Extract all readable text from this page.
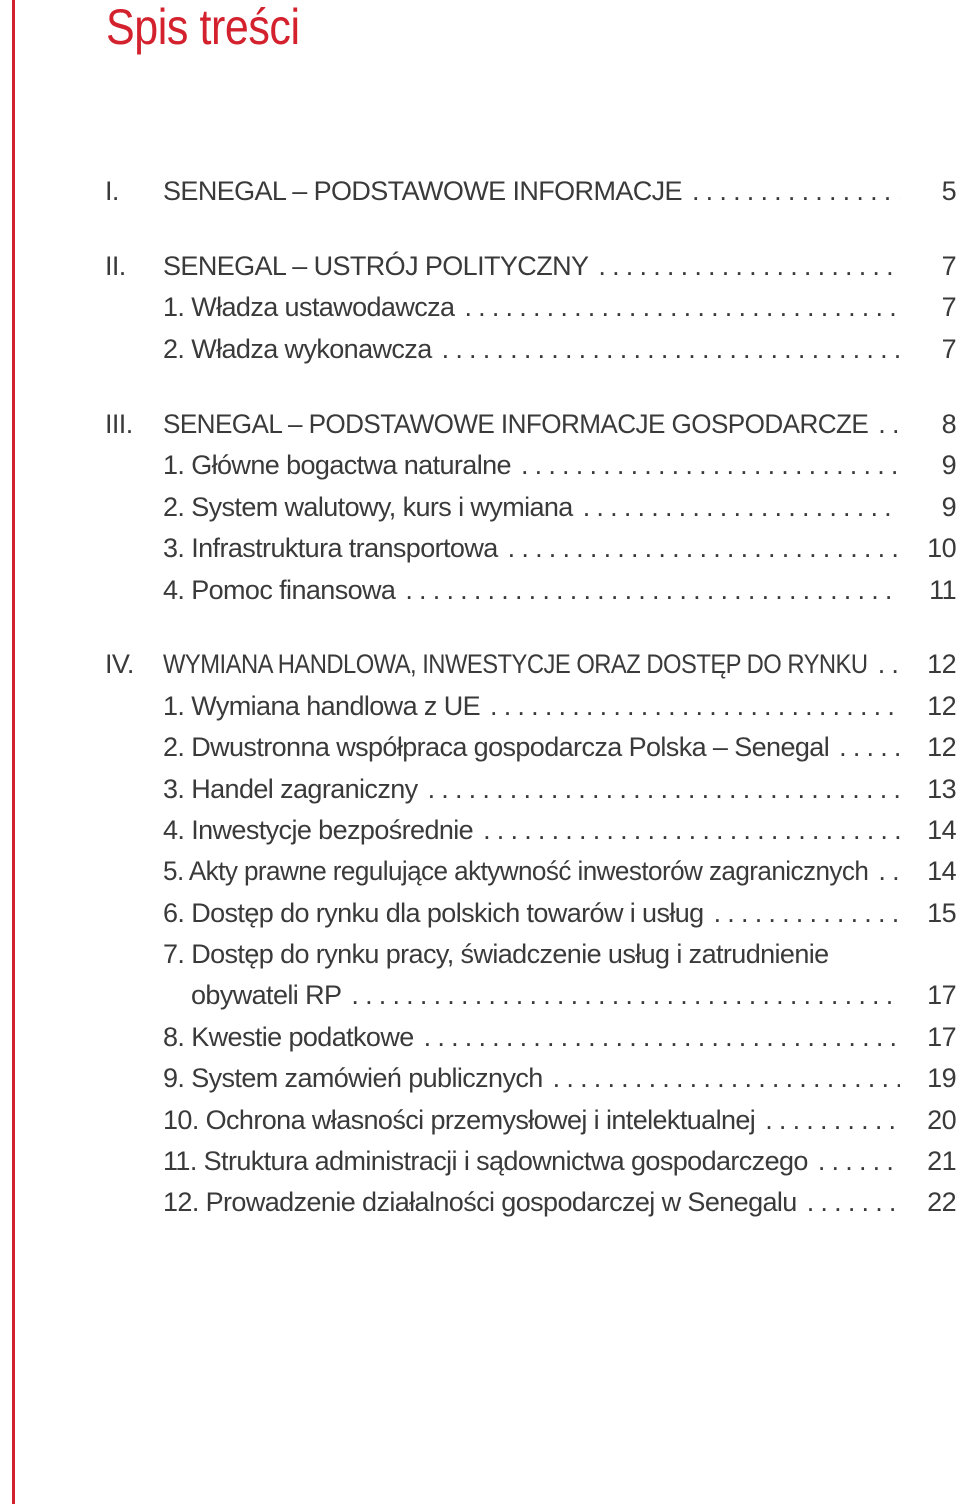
Spis treści
I. SENEGAL – PODSTAWOWE INFORMACJE .....	5
II. SENEGAL – USTRÓJ POLITYCZNY .....	7
1. Władza ustawodawcza .....	7
2. Władza wykonawcza .....	7
III. SENEGAL – PODSTAWOWE INFORMACJE GOSPODARCZE .....	8
1. Główne bogactwa naturalne .....	9
2. System walutowy, kurs i wymiana .....	9
3. Infrastruktura transportowa .....	10
4. Pomoc finansowa .....	11
IV. WYMIANA HANDLOWA, INWESTYCJE ORAZ DOSTĘP DO RYNKU .....	12
1. Wymiana handlowa z UE .....	12
2. Dwustronna współpraca gospodarcza Polska – Senegal .....	12
3. Handel zagraniczny .....	13
4. Inwestycje bezpośrednie .....	14
5. Akty prawne regulujące aktywność inwestorów zagranicznych .....	14
6. Dostęp do rynku dla polskich towarów i usług .....	15
7. Dostęp do rynku pracy, świadczenie usług i zatrudnienie
obywateli RP .....	17
8. Kwestie podatkowe .....	17
9. System zamówień publicznych .....	19
10. Ochrona własności przemysłowej i intelektualnej .....	20
11. Struktura administracji i sądownictwa gospodarczego .....	21
12. Prowadzenie działalności gospodarczej w Senegalu .....	22
